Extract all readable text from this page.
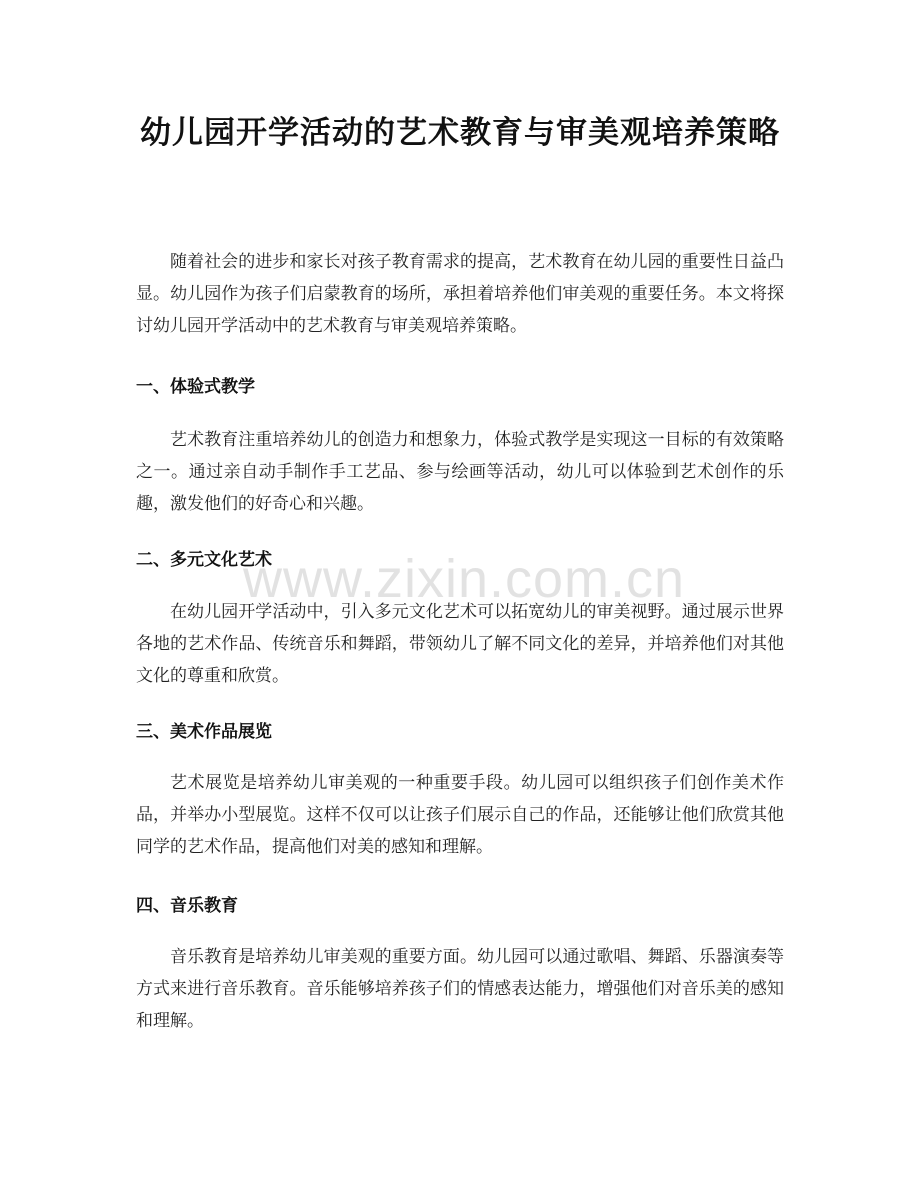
幼儿园开学活动的艺术教育与审美观培养策略

随着社会的进步和家长对孩子教育需求的提高，艺术教育在幼儿园的重要性日益凸显。幼儿园作为孩子们启蒙教育的场所，承担着培养他们审美观的重要任务。本文将探讨幼儿园开学活动中的艺术教育与审美观培养策略。

一、体验式教学

艺术教育注重培养幼儿的创造力和想象力，体验式教学是实现这一目标的有效策略之一。通过亲自动手制作手工艺品、参与绘画等活动，幼儿可以体验到艺术创作的乐趣，激发他们的好奇心和兴趣。

二、多元文化艺术

在幼儿园开学活动中，引入多元文化艺术可以拓宽幼儿的审美视野。通过展示世界各地的艺术作品、传统音乐和舞蹈，带领幼儿了解不同文化的差异，并培养他们对其他文化的尊重和欣赏。

三、美术作品展览

艺术展览是培养幼儿审美观的一种重要手段。幼儿园可以组织孩子们创作美术作品，并举办小型展览。这样不仅可以让孩子们展示自己的作品，还能够让他们欣赏其他同学的艺术作品，提高他们对美的感知和理解。

四、音乐教育

音乐教育是培养幼儿审美观的重要方面。幼儿园可以通过歌唱、舞蹈、乐器演奏等方式来进行音乐教育。音乐能够培养孩子们的情感表达能力，增强他们对音乐美的感知和理解。

www.zixin.com.cn
